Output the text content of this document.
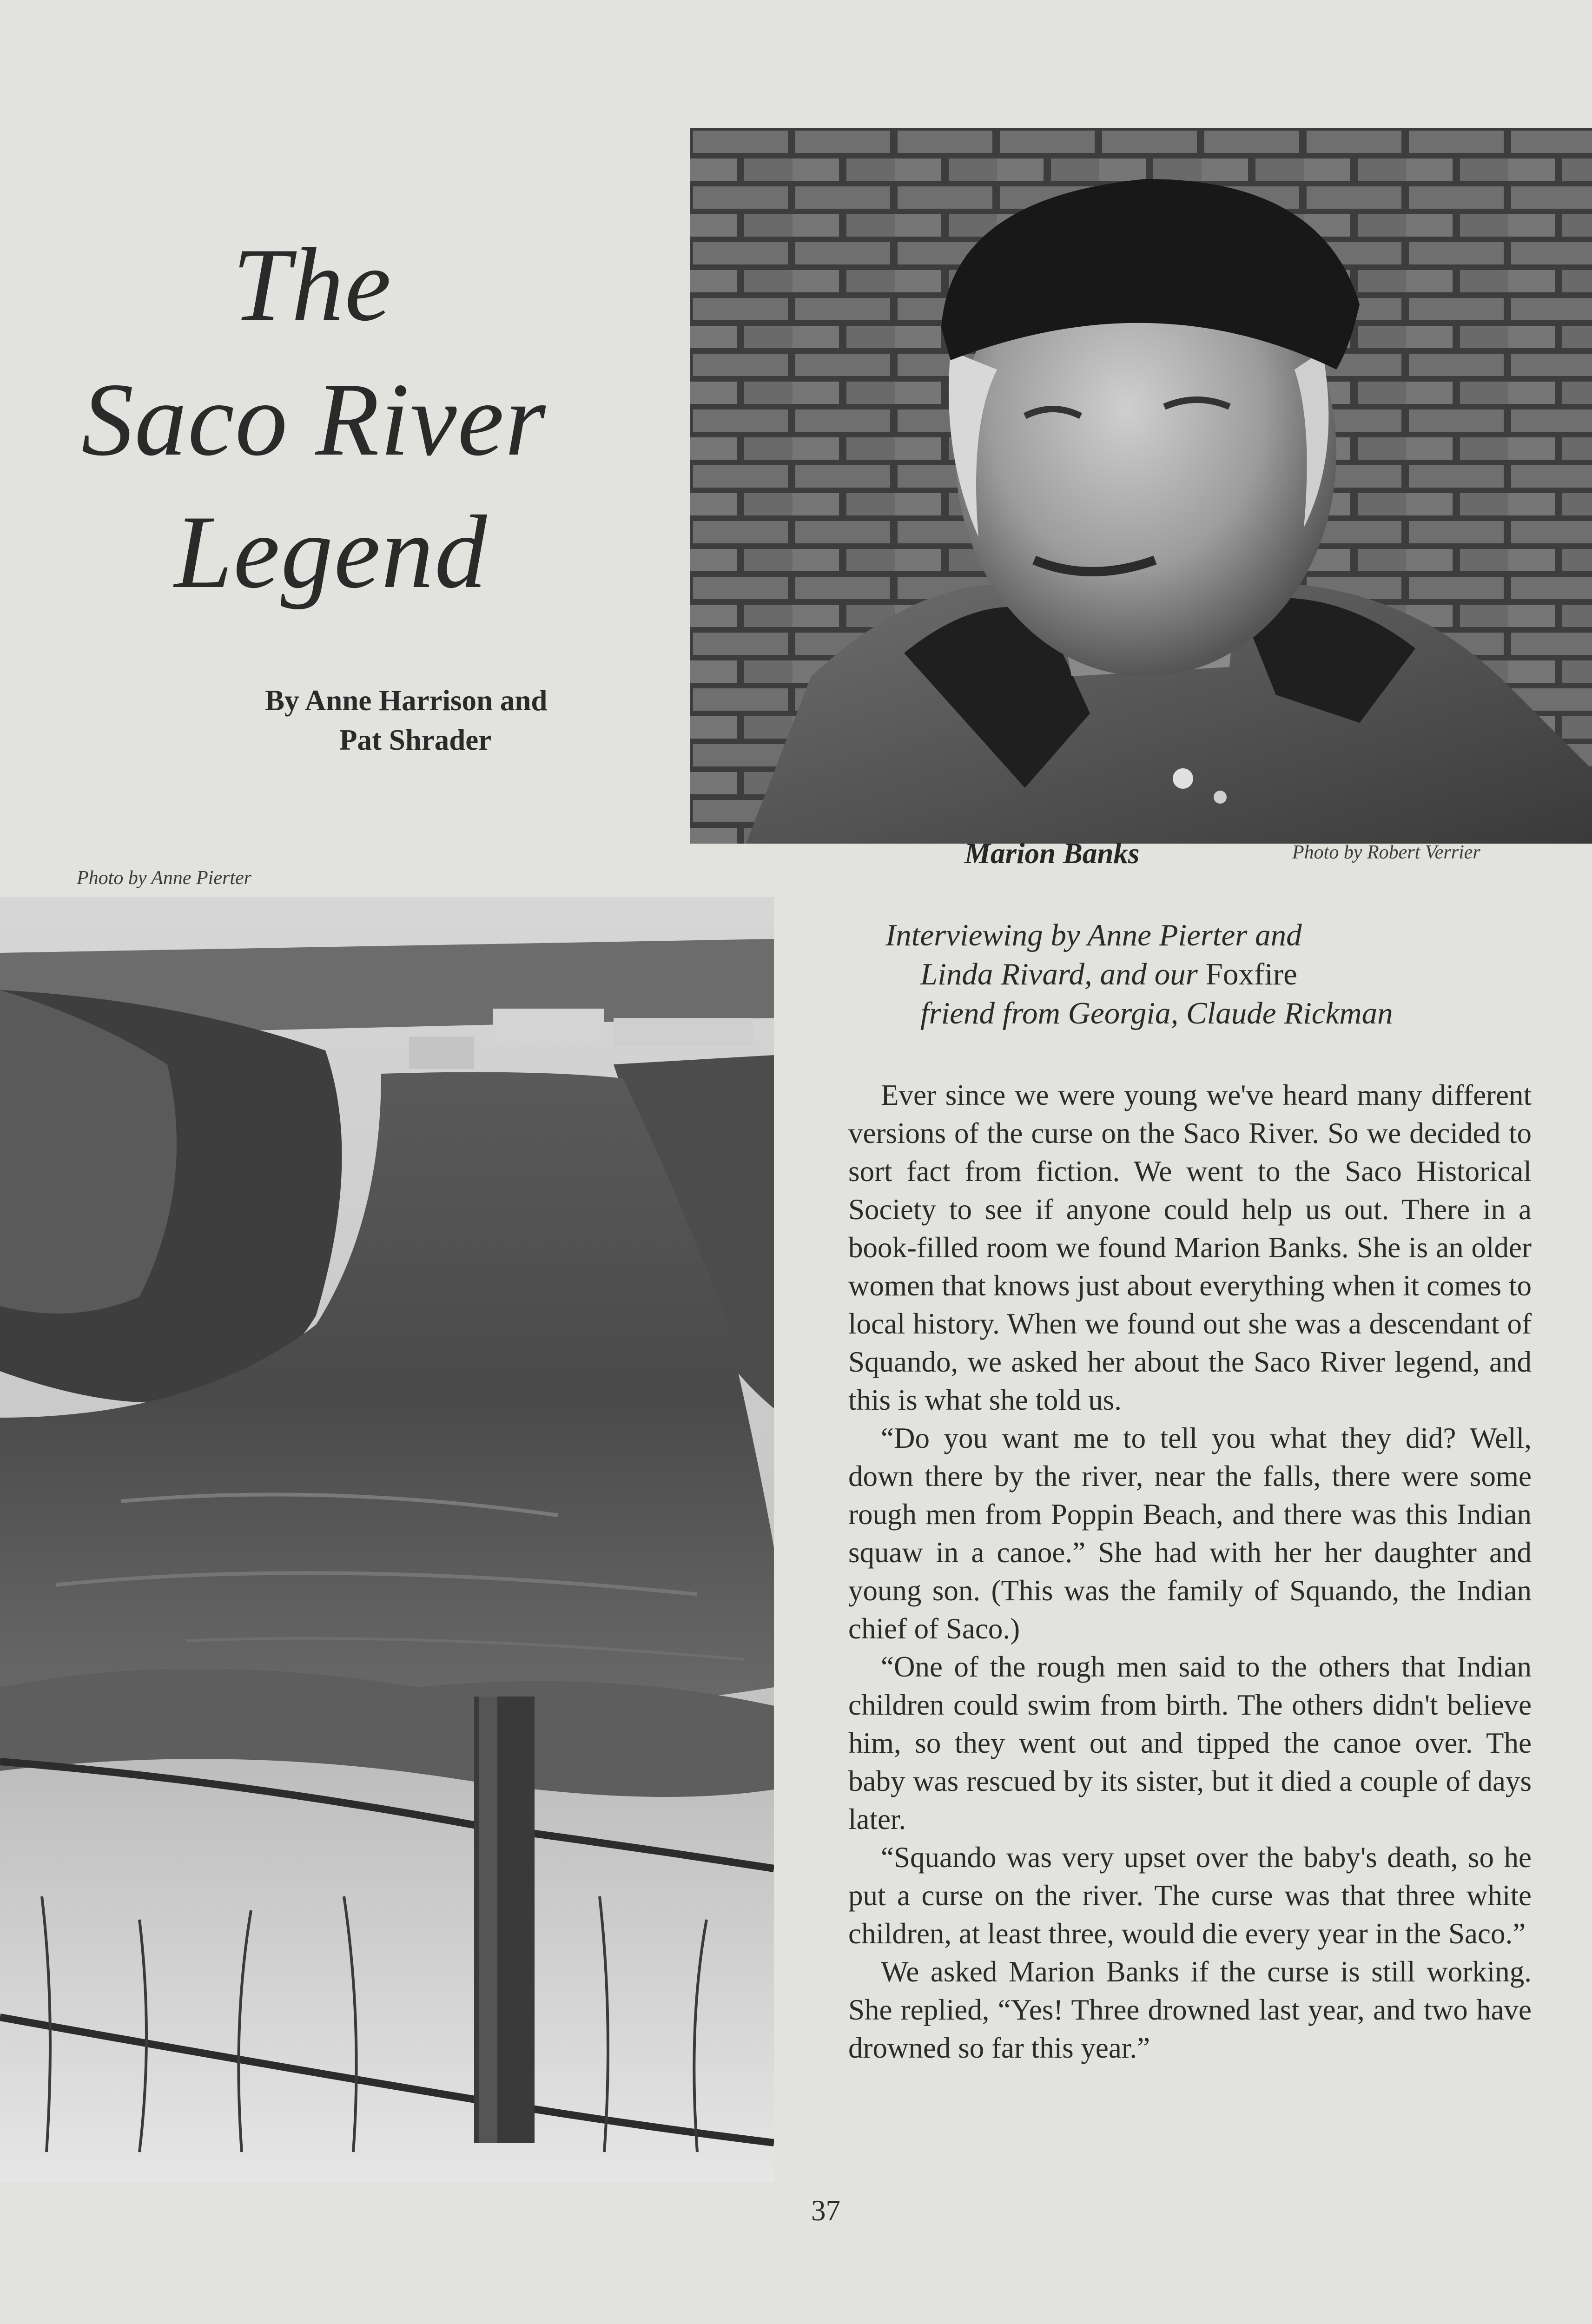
The
Saco River
Legend
By Anne Harrison and
Pat Shrader
Photo by Robert Verrier
Marion Banks
Photo by Anne Pierter
Interviewing by Anne Pierter and
Linda Rivard, and our Foxfire
friend from Georgia, Claude Rickman

Ever since we were young we've heard many different versions of the curse on the Saco River. So we decided to sort fact from fiction. We went to the Saco Historical Society to see if anyone could help us out. There in a book-filled room we found Marion Banks. She is an older women that knows just about everything when it comes to local history. When we found out she was a descendant of Squando, we asked her about the Saco River legend, and this is what she told us.

“Do you want me to tell you what they did? Well, down there by the river, near the falls, there were some rough men from Poppin Beach, and there was this Indian squaw in a canoe.” She had with her her daughter and young son. (This was the family of Squando, the Indian chief of Saco.)

“One of the rough men said to the others that Indian children could swim from birth. The others didn't believe him, so they went out and tipped the canoe over. The baby was rescued by its sister, but it died a couple of days later.

“Squando was very upset over the baby's death, so he put a curse on the river. The curse was that three white children, at least three, would die every year in the Saco.”

We asked Marion Banks if the curse is still working. She replied, “Yes! Three drowned last year, and two have drowned so far this year.”

37
